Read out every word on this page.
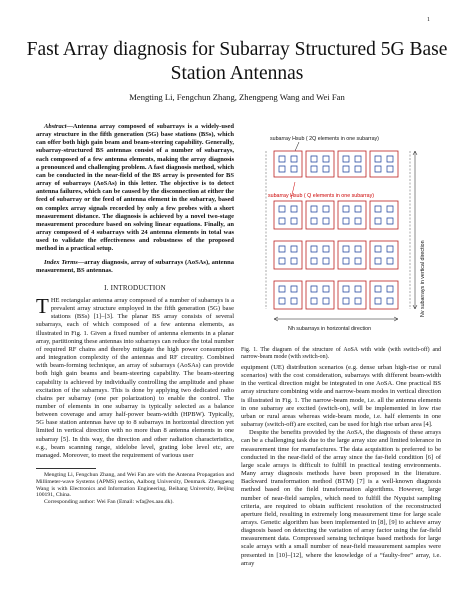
1
Fast Array diagnosis for Subarray Structured 5G Base Station Antennas
Mengting Li, Fengchun Zhang, Zhengpeng Wang and Wei Fan

Abstract—Antenna array composed of subarrays is a widely-used array structure in the fifth generation (5G) base stations (BSs), which can offer both high gain beam and beam-steering capability. Generally, subarray-structured BS antennas consist of a number of subarrays, each composed of a few antenna elements, making the array diagnosis a pronounced and challenging problem. A fast diagnosis method, which can be conducted in the near-field of the BS array is presented for BS array of subarrays (AoSAs) in this letter. The objective is to detect antenna failures, which can be caused by the disconnection at either the feed of subarray or the feed of antenna element in the subarray, based on complex array signals recorded by only a few probes with a short measurement distance. The diagnosis is achieved by a novel two-stage measurement procedure based on solving linear equations. Finally, an array composed of 4 subarrays with 24 antenna elements in total was used to validate the effectiveness and robustness of the proposed method in a practical setup.

Index Terms—array diagnosis, array of subarrays (AoSAs), antenna measurement, BS antennas.

I. INTRODUCTION

THE rectangular antenna array composed of a number of subarrays is a prevalent array structure employed in the fifth generation (5G) base stations (BSs) [1]–[3]. The planar BS array consists of several subarrays, each of which composed of a few antenna elements, as illustrated in Fig. 1. Given a fixed number of antenna elements in a planar array, partitioning these antennas into subarrays can reduce the total number of required RF chains and thereby mitigate the high power consumption and integration complexity of the antennas and RF circuitry. Combined with beam-forming technique, an array of subarrays (AoSAs) can provide both high gain beams and beam-steering capability. The beam-steering capability is achieved by individually controlling the amplitude and phase excitation of the subarrays. This is done by applying two dedicated radio chains per subarray (one per polarization) to enable the control. The number of elements in one subarray is typically selected as a balance between coverage and array half-power beam-width (HPBW). Typically, 5G base station antennas have up to 8 subarrays in horizontal direction yet limited in vertical direction with no more than 8 antenna elements in one subarray [5]. In this way, the direction and other radiation characteristics, e.g., beam scanning range, sidelobe level, grating lobe level etc, are managed. Moreover, to meet the requirement of various user

Mengting Li, Fengchun Zhang, and Wei Fan are with the Antenna Propagation and Millimeter-wave Systems (APMS) section, Aalborg University, Denmark. Zhengpeng Wang is with Electronics and Information Engineering, Beihang University, Beijing 100191, China.

Corresponding author: Wei Fan (Email: wfa@es.aau.dk).

subarray Hsub ( 2Q elements in one subarray)
subarray Hsub ( Q elements in one subarray)
Nv subarrays in vertical direction
Nh subarrays in horizontal direction
Fig. 1. The diagram of the structure of AoSA with wide (with switch-off) and narrow-beam mode (with switch-on).

equipment (UE) distribution scenarios (e.g. dense urban high-rise or rural scenarios) with the cost consideration, subarrays with different beam-width in the vertical direction might be integrated in one AoSA. One practical BS array structure combining wide and narrow-beam modes in vertical direction is illustrated in Fig. 1. The narrow-beam mode, i.e. all the antenna elements in one subarray are excited (switch-on), will be implemented in low rise urban or rural areas whereas wide-beam mode, i.e. half elements in one subarray (switch-off) are excited, can be used for high rise urban area [4].

Despite the benefits provided by the AoSA, the diagnosis of these arrays can be a challenging task due to the large array size and limited tolerance in measurement time for manufactures. The data acquisition is preferred to be conducted in the near-field of the array since the far-field condition [6] of large scale arrays is difficult to fulfill in practical testing environments. Many array diagnosis methods have been proposed in the literature. Backward transformation method (BTM) [7] is a well-known diagnosis method based on the field transformation algorithms. However, large number of near-field samples, which need to fulfill the Nyquist sampling criteria, are required to obtain sufficient resolution of the reconstructed aperture field, resulting in extremely long measurement time for large scale arrays. Genetic algorithm has been implemented in [8], [9] to achieve array diagnosis based on detecting the variation of array factor using the far-field measurement data. Compressed sensing technique based methods for large scale arrays with a small number of near-field measurement samples were presented in [10]–[12], where the knowledge of a “faulty-free” array, i.e. array
